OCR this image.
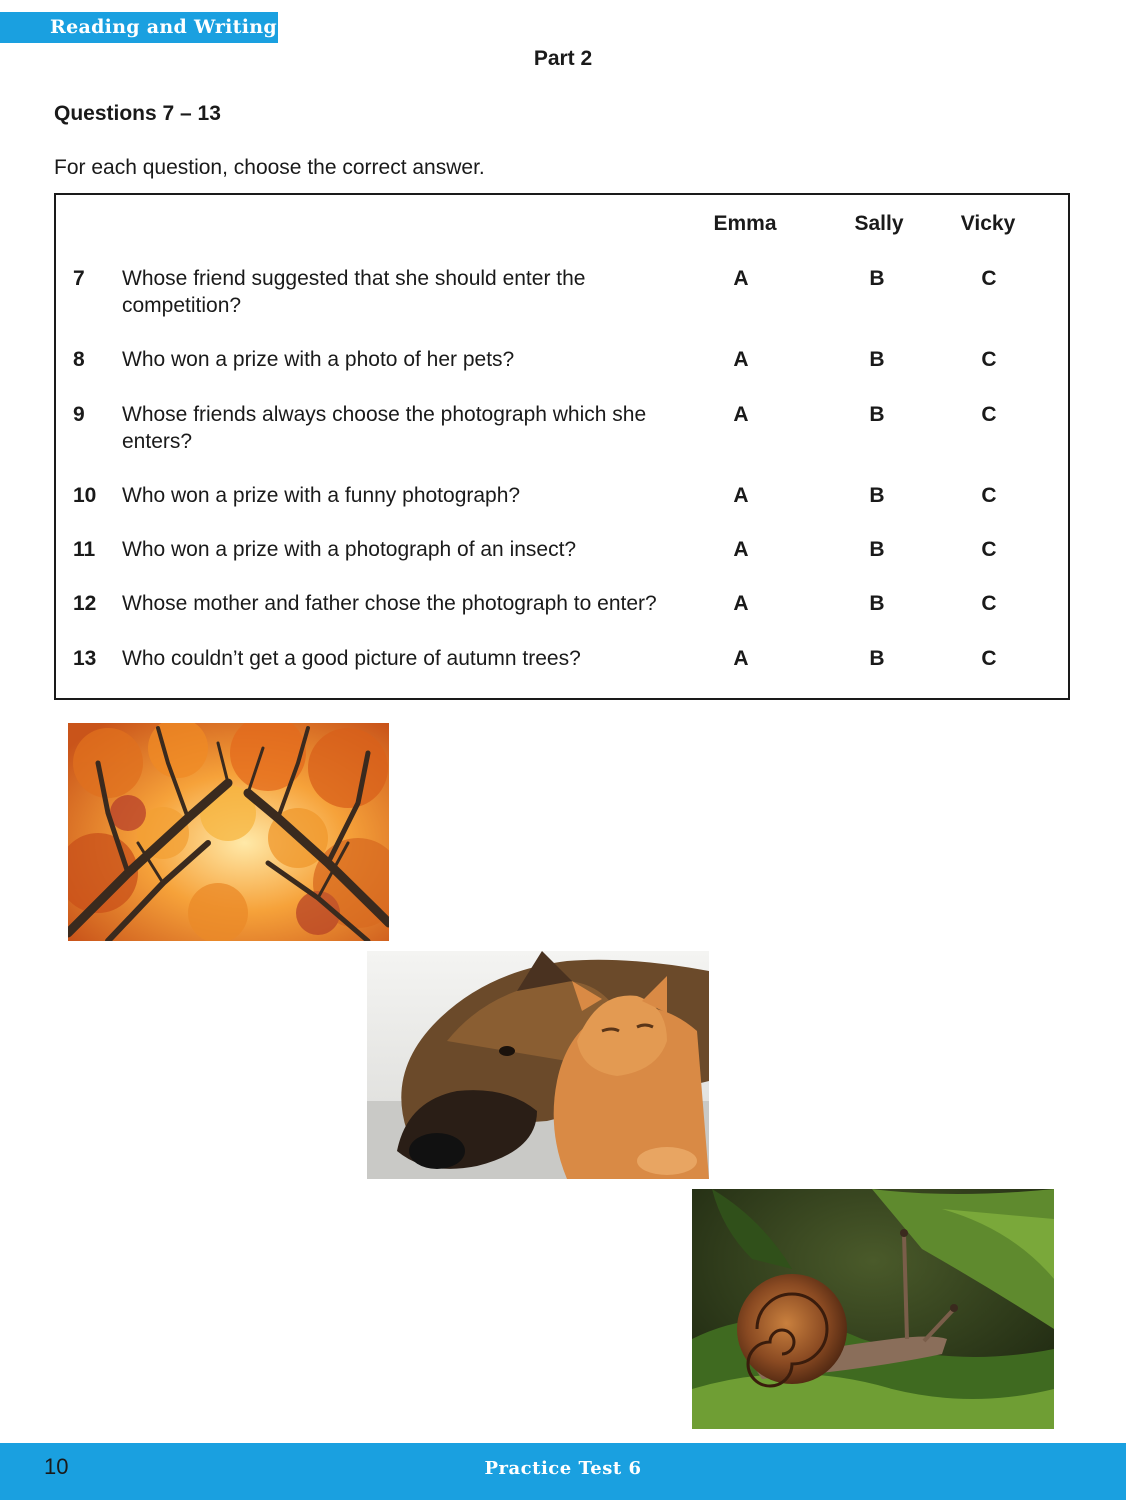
Reading and Writing
Part 2
Questions 7 – 13
For each question, choose the correct answer.
Emma	Sally	Vicky
7 Whose friend suggested that she should enter the competition?
A	B	C
8 Who won a prize with a photo of her pets?	A	B	C
9 Whose friends always choose the photograph which she enters?
A	B	C
10 Who won a prize with a funny photograph?	A	B	C
11 Who won a prize with a photograph of an insect?	A	B	C
12 Whose mother and father chose the photograph to enter?	A	B	C
13 Who couldn’t get a good picture of autumn trees?	A	B	C
10	Practice Test 6
